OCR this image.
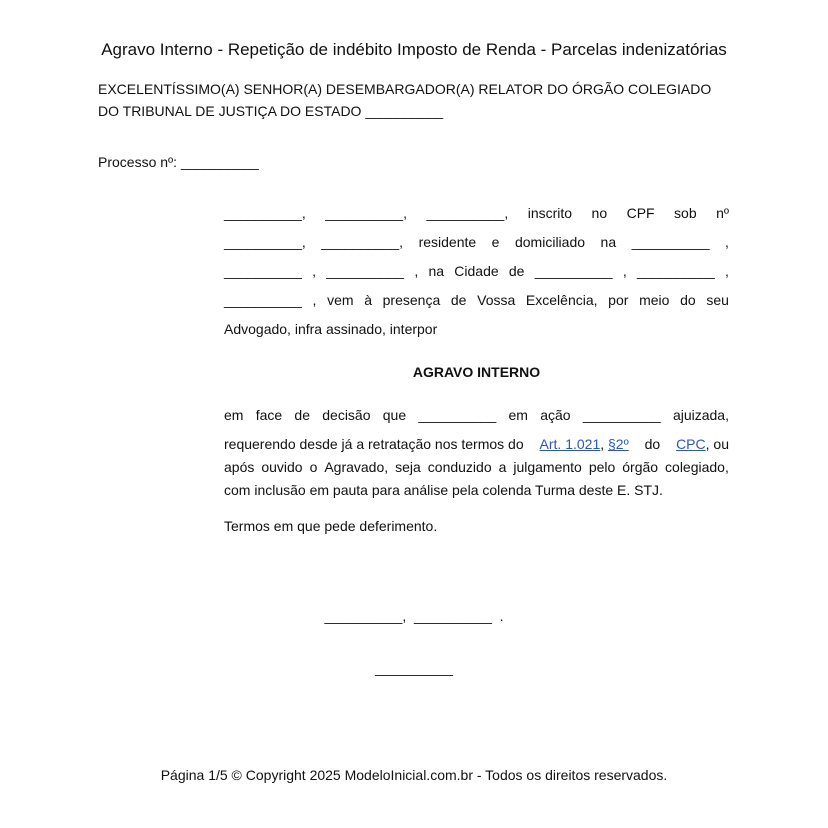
Agravo Interno - Repetição de indébito Imposto de Renda - Parcelas indenizatórias
EXCELENTÍSSIMO(A) SENHOR(A) DESEMBARGADOR(A) RELATOR DO ÓRGÃO COLEGIADO
DO TRIBUNAL DE JUSTIÇA DO ESTADO __________
Processo nº: __________
__________, __________, __________, inscrito no CPF sob nº
__________, __________, residente e domiciliado na __________ ,
__________ , __________ , na Cidade de __________ , __________ ,
__________ , vem à presença de Vossa Excelência, por meio do seu
Advogado, infra assinado, interpor
AGRAVO INTERNO
em face de decisão que __________ em ação __________ ajuizada,
requerendo desde já a retratação nos termos do Art. 1.021, §2º do CPC, ou
após ouvido o Agravado, seja conduzido a julgamento pelo órgão colegiado,
com inclusão em pauta para análise pela colenda Turma deste E. STJ.
Termos em que pede deferimento.
__________,  __________  .
__________
Página 1/5 © Copyright 2025 ModeloInicial.com.br - Todos os direitos reservados.
